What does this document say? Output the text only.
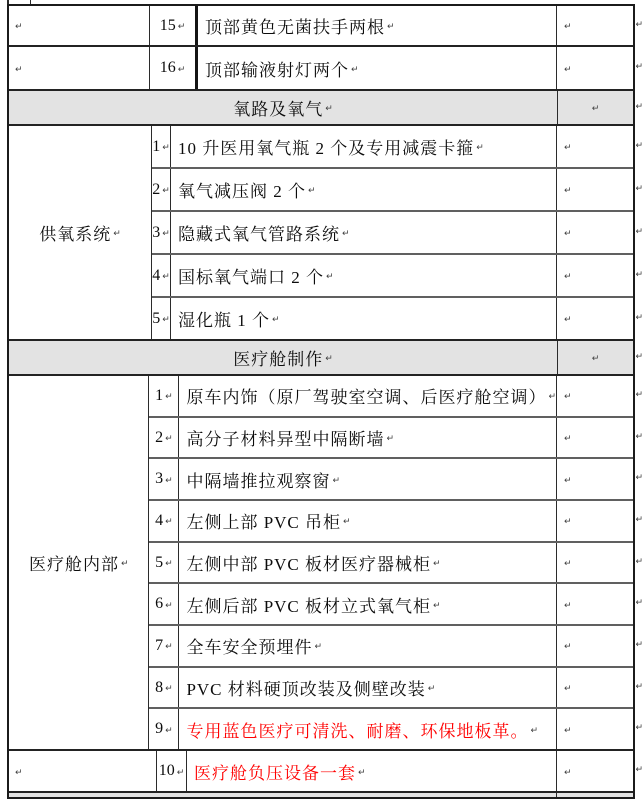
↵	15 ↵ 顶部黄色无菌扶手两根 ↵	↵	↵
↵	16 ↵ 顶部输液射灯两个 ↵	↵	↵
氧路及氧气 ↵	↵	↵
供氧系统 ↵
1 ↵ 10 升医用氧气瓶 2 个及专用减震卡箍 ↵	↵	↵
2 ↵ 氧气减压阀 2 个 ↵	↵	↵
3 ↵ 隐藏式氧气管路系统 ↵	↵	↵
4 ↵ 国标氧气端口 2 个 ↵	↵	↵
5 ↵ 湿化瓶 1 个 ↵	↵	↵
医疗舱制作 ↵	↵	↵
医疗舱内部 ↵
1 ↵ 原车内饰（原厂驾驶室空调、后医疗舱空调） ↵ ↵	↵
2 ↵ 高分子材料异型中隔断墙 ↵	↵	↵
3 ↵ 中隔墙推拉观察窗 ↵	↵	↵
4 ↵ 左侧上部 PVC 吊柜 ↵	↵	↵
5 ↵ 左侧中部 PVC 板材医疗器械柜 ↵	↵	↵
6 ↵ 左侧后部 PVC 板材立式氧气柜 ↵	↵	↵
7 ↵ 全车安全预埋件 ↵	↵	↵
8 ↵ PVC 材料硬顶改装及侧壁改装 ↵	↵	↵
9 ↵ 专用蓝色医疗可清洗、耐磨、环保地板革。 ↵	↵	↵
↵	10 ↵ 医疗舱负压设备一套 ↵	↵	↵
